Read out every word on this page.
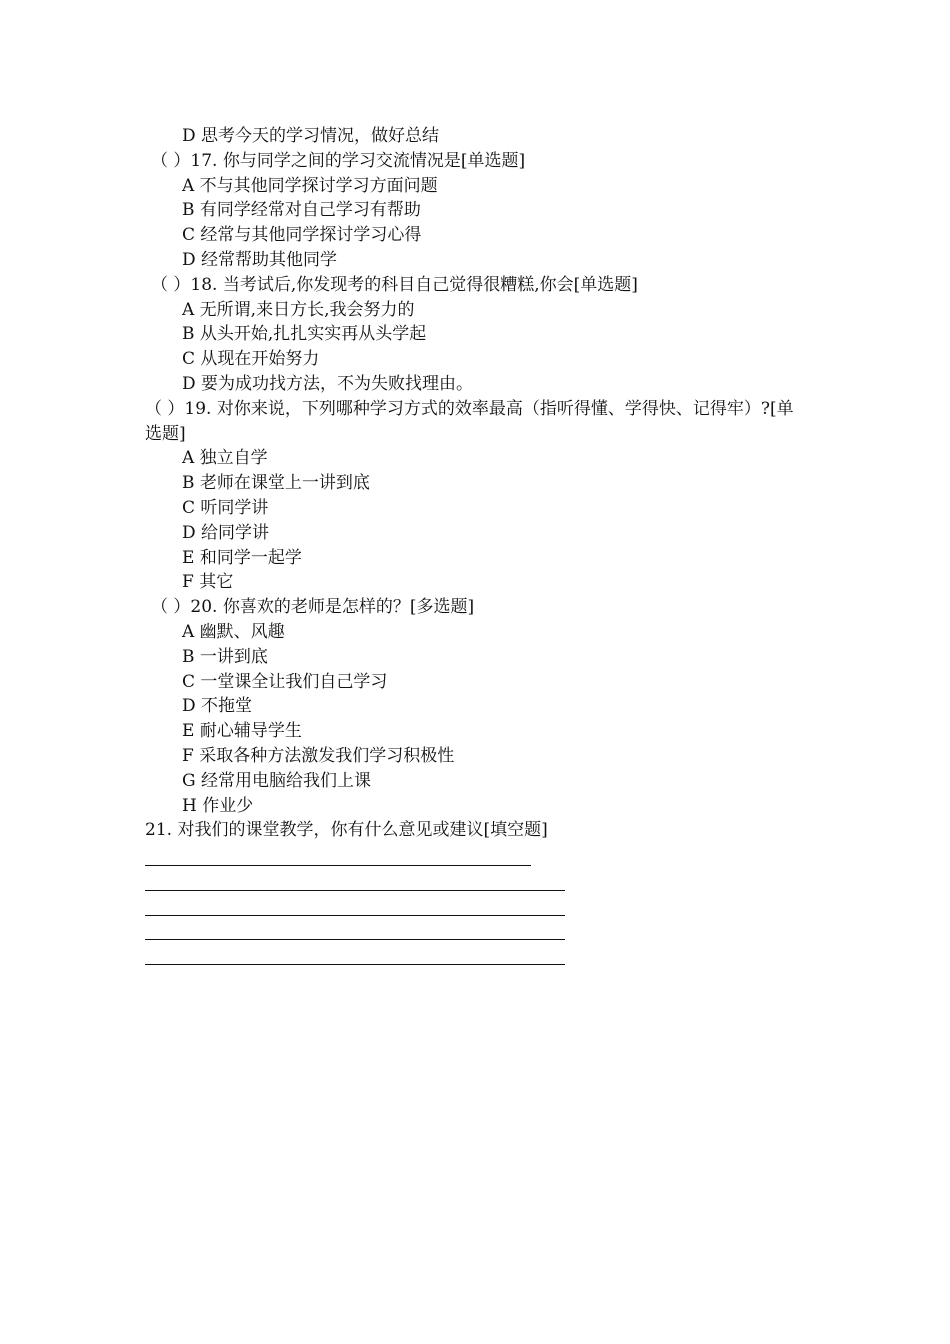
D 思考今天的学习情况，做好总结
（ ）17. 你与同学之间的学习交流情况是[单选题]
A 不与其他同学探讨学习方面问题
B 有同学经常对自己学习有帮助
C 经常与其他同学探讨学习心得
D 经常帮助其他同学
（ ）18. 当考试后,你发现考的科目自己觉得很糟糕,你会[单选题]
A 无所谓,来日方长,我会努力的
B 从头开始,扎扎实实再从头学起
C 从现在开始努力
D 要为成功找方法，不为失败找理由。
（ ）19. 对你来说，下列哪种学习方式的效率最高（指听得懂、学得快、记得牢）?[单选题]
A 独立自学
B 老师在课堂上一讲到底
C 听同学讲
D 给同学讲
E 和同学一起学
F 其它
（ ）20. 你喜欢的老师是怎样的？[多选题]
A 幽默、风趣
B 一讲到底
C 一堂课全让我们自己学习
D 不拖堂
E 耐心辅导学生
F 采取各种方法激发我们学习积极性
G 经常用电脑给我们上课
H 作业少
21. 对我们的课堂教学，你有什么意见或建议[填空题]
